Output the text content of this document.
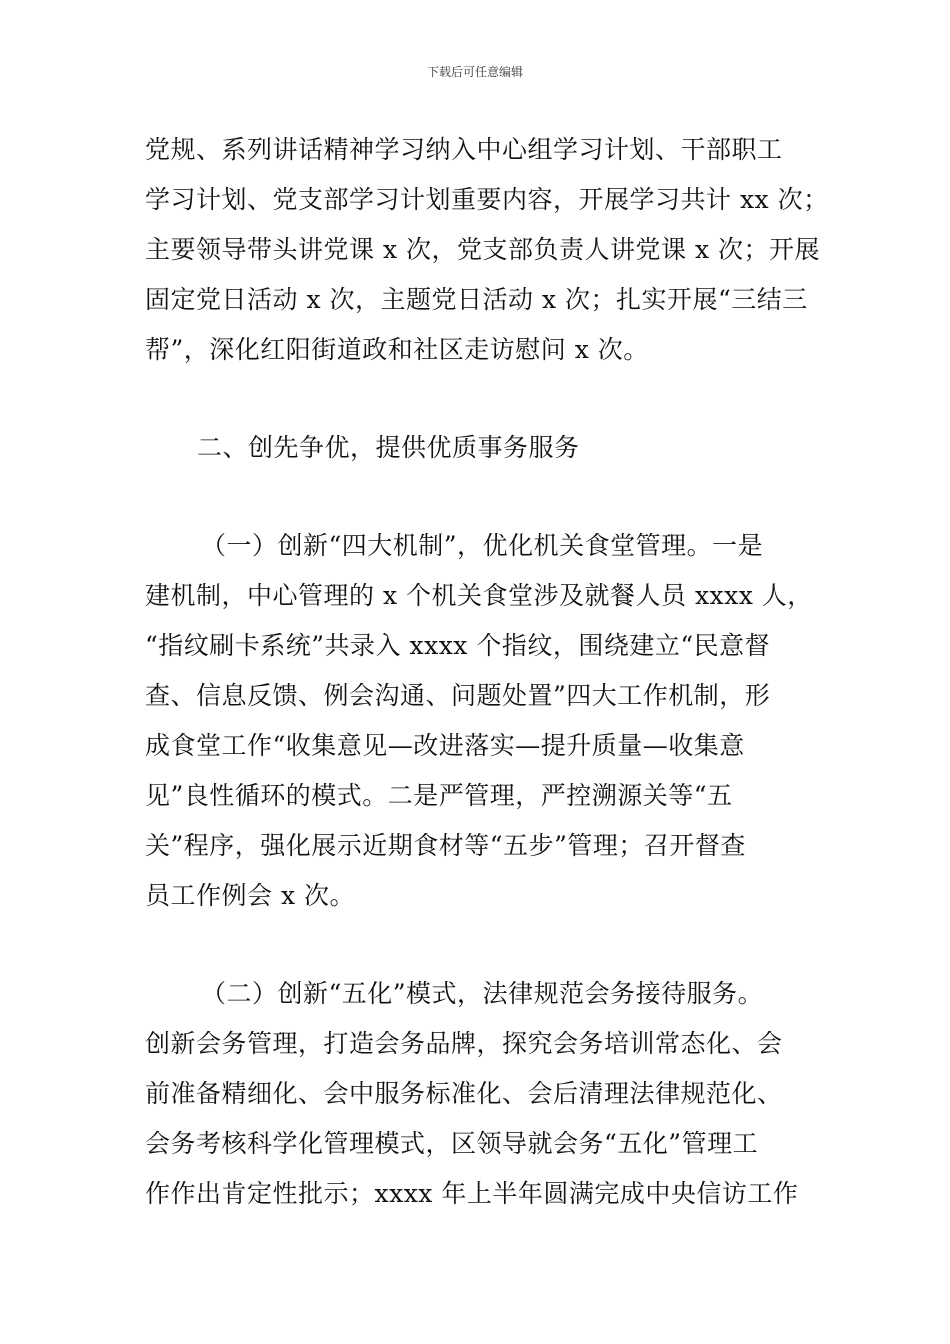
下载后可任意编辑
党规、系列讲话精神学习纳入中心组学习计划、干部职工
学习计划、党支部学习计划重要内容，开展学习共计 xx 次；
主要领导带头讲党课 x 次，党支部负责人讲党课 x 次；开展
固定党日活动 x 次，主题党日活动 x 次；扎实开展“三结三
帮”，深化红阳街道政和社区走访慰问 x 次。
二、创先争优，提供优质事务服务
（一）创新“四大机制”，优化机关食堂管理。一是
建机制，中心管理的 x 个机关食堂涉及就餐人员 xxxx 人，
“指纹刷卡系统”共录入 xxxx 个指纹，围绕建立“民意督
查、信息反馈、例会沟通、问题处置”四大工作机制，形
成食堂工作“收集意见—改进落实—提升质量—收集意
见”良性循环的模式。二是严管理，严控溯源关等“五
关”程序，强化展示近期食材等“五步”管理；召开督查
员工作例会 x 次。
（二）创新“五化”模式，法律规范会务接待服务。
创新会务管理，打造会务品牌，探究会务培训常态化、会
前准备精细化、会中服务标准化、会后清理法律规范化、
会务考核科学化管理模式，区领导就会务“五化”管理工
作作出肯定性批示；xxxx 年上半年圆满完成中央信访工作
